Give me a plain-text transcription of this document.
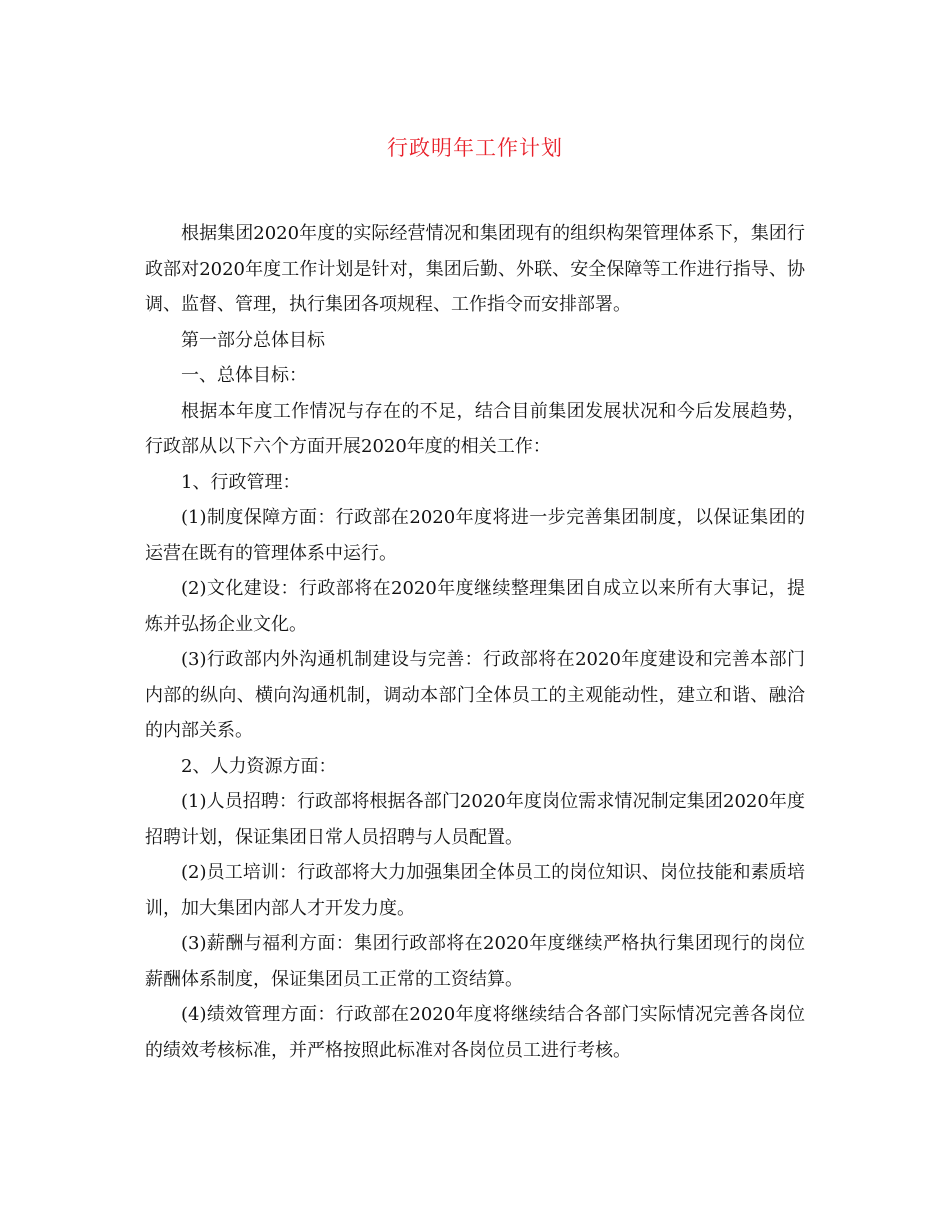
行政明年工作计划

根据集团2020年度的实际经营情况和集团现有的组织构架管理体系下，集团行政部对2020年度工作计划是针对，集团后勤、外联、安全保障等工作进行指导、协调、监督、管理，执行集团各项规程、工作指令而安排部署。

第一部分总体目标

一、总体目标：

根据本年度工作情况与存在的不足，结合目前集团发展状况和今后发展趋势，行政部从以下六个方面开展2020年度的相关工作：

1、行政管理：

(1)制度保障方面：行政部在2020年度将进一步完善集团制度，以保证集团的运营在既有的管理体系中运行。

(2)文化建设：行政部将在2020年度继续整理集团自成立以来所有大事记，提炼并弘扬企业文化。

(3)行政部内外沟通机制建设与完善：行政部将在2020年度建设和完善本部门内部的纵向、横向沟通机制，调动本部门全体员工的主观能动性，建立和谐、融洽的内部关系。

2、人力资源方面：

(1)人员招聘：行政部将根据各部门2020年度岗位需求情况制定集团2020年度招聘计划，保证集团日常人员招聘与人员配置。

(2)员工培训：行政部将大力加强集团全体员工的岗位知识、岗位技能和素质培训，加大集团内部人才开发力度。

(3)薪酬与福利方面：集团行政部将在2020年度继续严格执行集团现行的岗位薪酬体系制度，保证集团员工正常的工资结算。

(4)绩效管理方面：行政部在2020年度将继续结合各部门实际情况完善各岗位的绩效考核标准，并严格按照此标准对各岗位员工进行考核。
